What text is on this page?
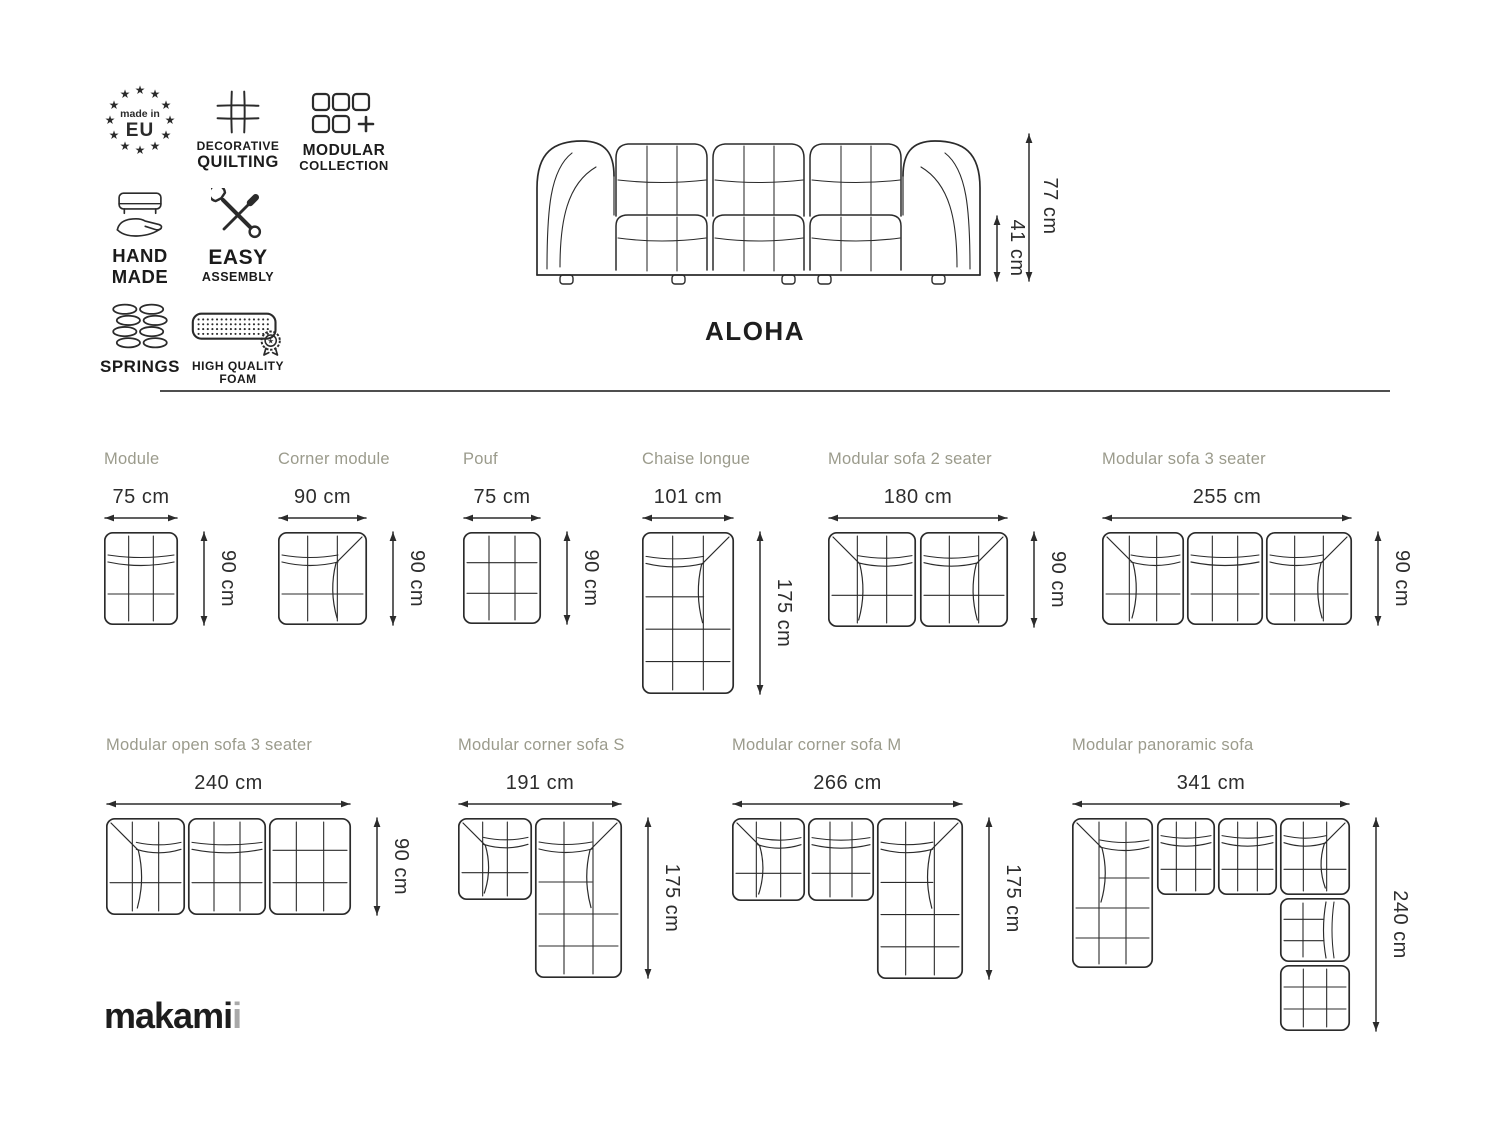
★ ★
★
★
★
★
★
★
★
★
★
★
made in
EU
DECORATIVE
QUILTING
MODULAR
COLLECTION
HAND
MADE
EASY
ASSEMBLY
SPRINGS
★
HIGH QUALITY
FOAM
41 cm
77 cm
ALOHA
Module
75 cm
90 cm
Corner module
90 cm
90 cm
Pouf
75 cm
90 cm
Chaise longue
101 cm
175 cm
Modular sofa 2 seater
180 cm
90 cm
Modular sofa 3 seater
255 cm
90 cm
Modular open sofa 3 seater
240 cm
90 cm
Modular corner sofa S
191 cm
175 cm
Modular corner sofa M
266 cm
175 cm
Modular panoramic sofa
341 cm
240 cm
makamii
